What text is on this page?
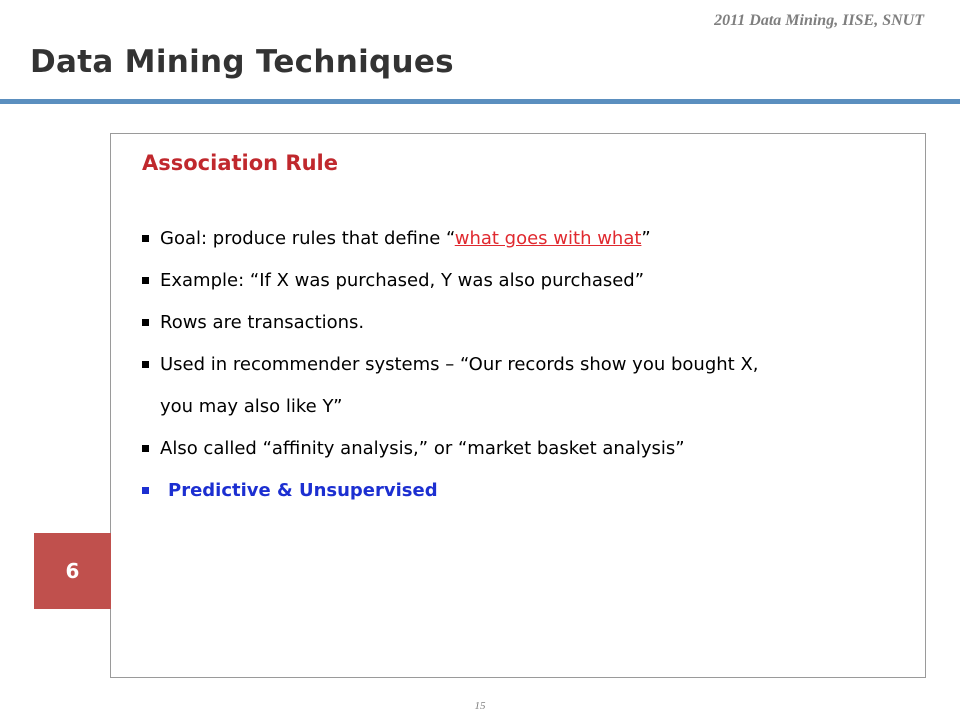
2011 Data Mining, IISE, SNUT
Data Mining Techniques
Association Rule
Goal: produce rules that define “what goes with what”
Example: “If X was purchased, Y was also purchased”
Rows are transactions.
Used in recommender systems – “Our records show you bought X,
you may also like Y”
Also called “affinity analysis,” or “market basket analysis”
Predictive & Unsupervised
6
15
